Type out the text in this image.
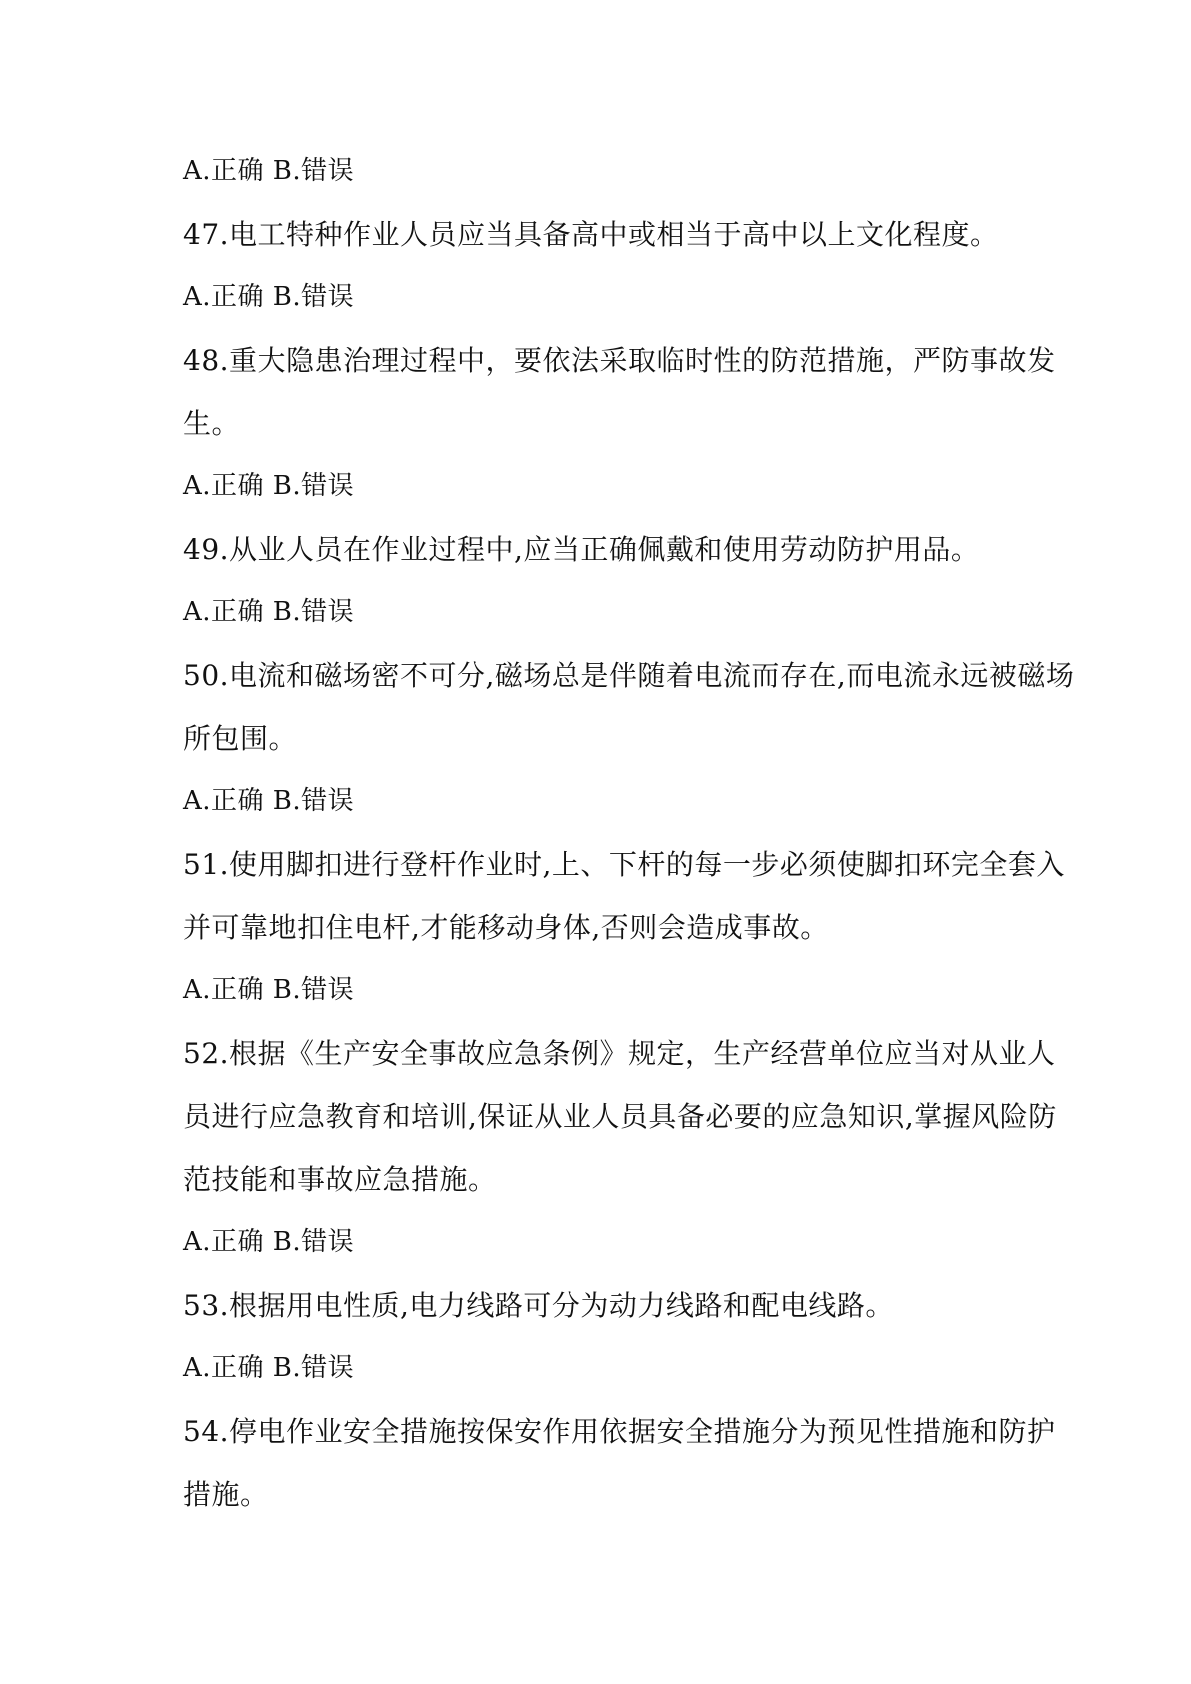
A.正确 B.错误
47.电工特种作业人员应当具备高中或相当于高中以上文化程度。
A.正确 B.错误
48.重大隐患治理过程中，要依法采取临时性的防范措施，严防事故发
生。
A.正确 B.错误
49.从业人员在作业过程中,应当正确佩戴和使用劳动防护用品。
A.正确 B.错误
50.电流和磁场密不可分,磁场总是伴随着电流而存在,而电流永远被磁场
所包围。
A.正确 B.错误
51.使用脚扣进行登杆作业时,上、下杆的每一步必须使脚扣环完全套入
并可靠地扣住电杆,才能移动身体,否则会造成事故。
A.正确 B.错误
52.根据《生产安全事故应急条例》规定，生产经营单位应当对从业人
员进行应急教育和培训,保证从业人员具备必要的应急知识,掌握风险防
范技能和事故应急措施。
A.正确 B.错误
53.根据用电性质,电力线路可分为动力线路和配电线路。
A.正确 B.错误
54.停电作业安全措施按保安作用依据安全措施分为预见性措施和防护
措施。
